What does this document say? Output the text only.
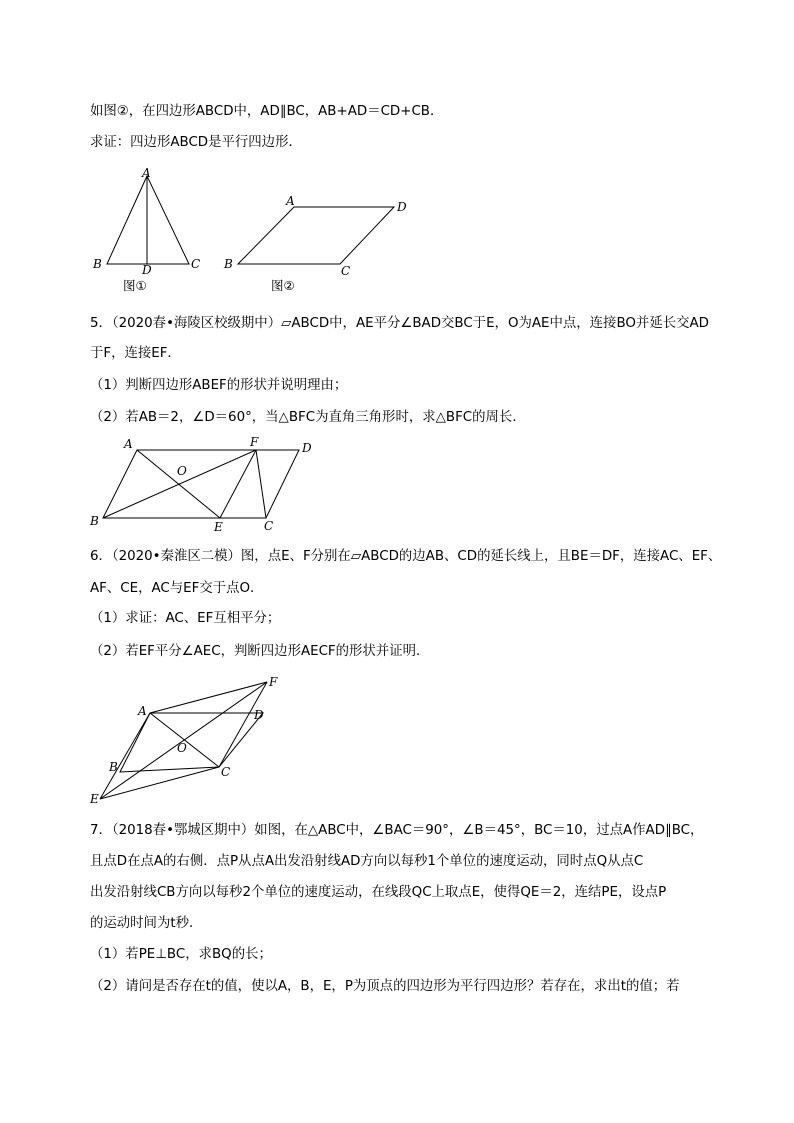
如图②，在四边形ABCD中，AD∥BC，AB+AD＝CD+CB．
求证：四边形ABCD是平行四边形．
A
B	C
D
图①
A	D
B	C
图②
5．（2020春•海陵区校级期中）▱ABCD中，AE平分∠BAD交BC于E，O为AE中点，连接BO并延长交AD
于F，连接EF．
（1）判断四边形ABEF的形状并说明理由；
（2）若AB＝2，∠D＝60°，当△BFC为直角三角形时，求△BFC的周长．
A	F	D
O
B	E	C
6．（2020•秦淮区二模）图，点E、F分别在▱ABCD的边AB、CD的延长线上，且BE＝DF，连接AC、EF、
AF、CE，AC与EF交于点O．
（1）求证：AC、EF互相平分；
（2）若EF平分∠AEC，判断四边形AECF的形状并证明．
F
A	D
O
B	C
E
7．（2018春•鄂城区期中）如图，在△ABC中，∠BAC＝90°，∠B＝45°，BC＝10，过点A作AD∥BC，
且点D在点A的右侧．点P从点A出发沿射线AD方向以每秒1个单位的速度运动，同时点Q从点C
出发沿射线CB方向以每秒2个单位的速度运动，在线段QC上取点E，使得QE＝2，连结PE，设点P
的运动时间为t秒．
（1）若PE⊥BC，求BQ的长；
（2）请问是否存在t的值，使以A，B，E，P为顶点的四边形为平行四边形？若存在，求出t的值；若
